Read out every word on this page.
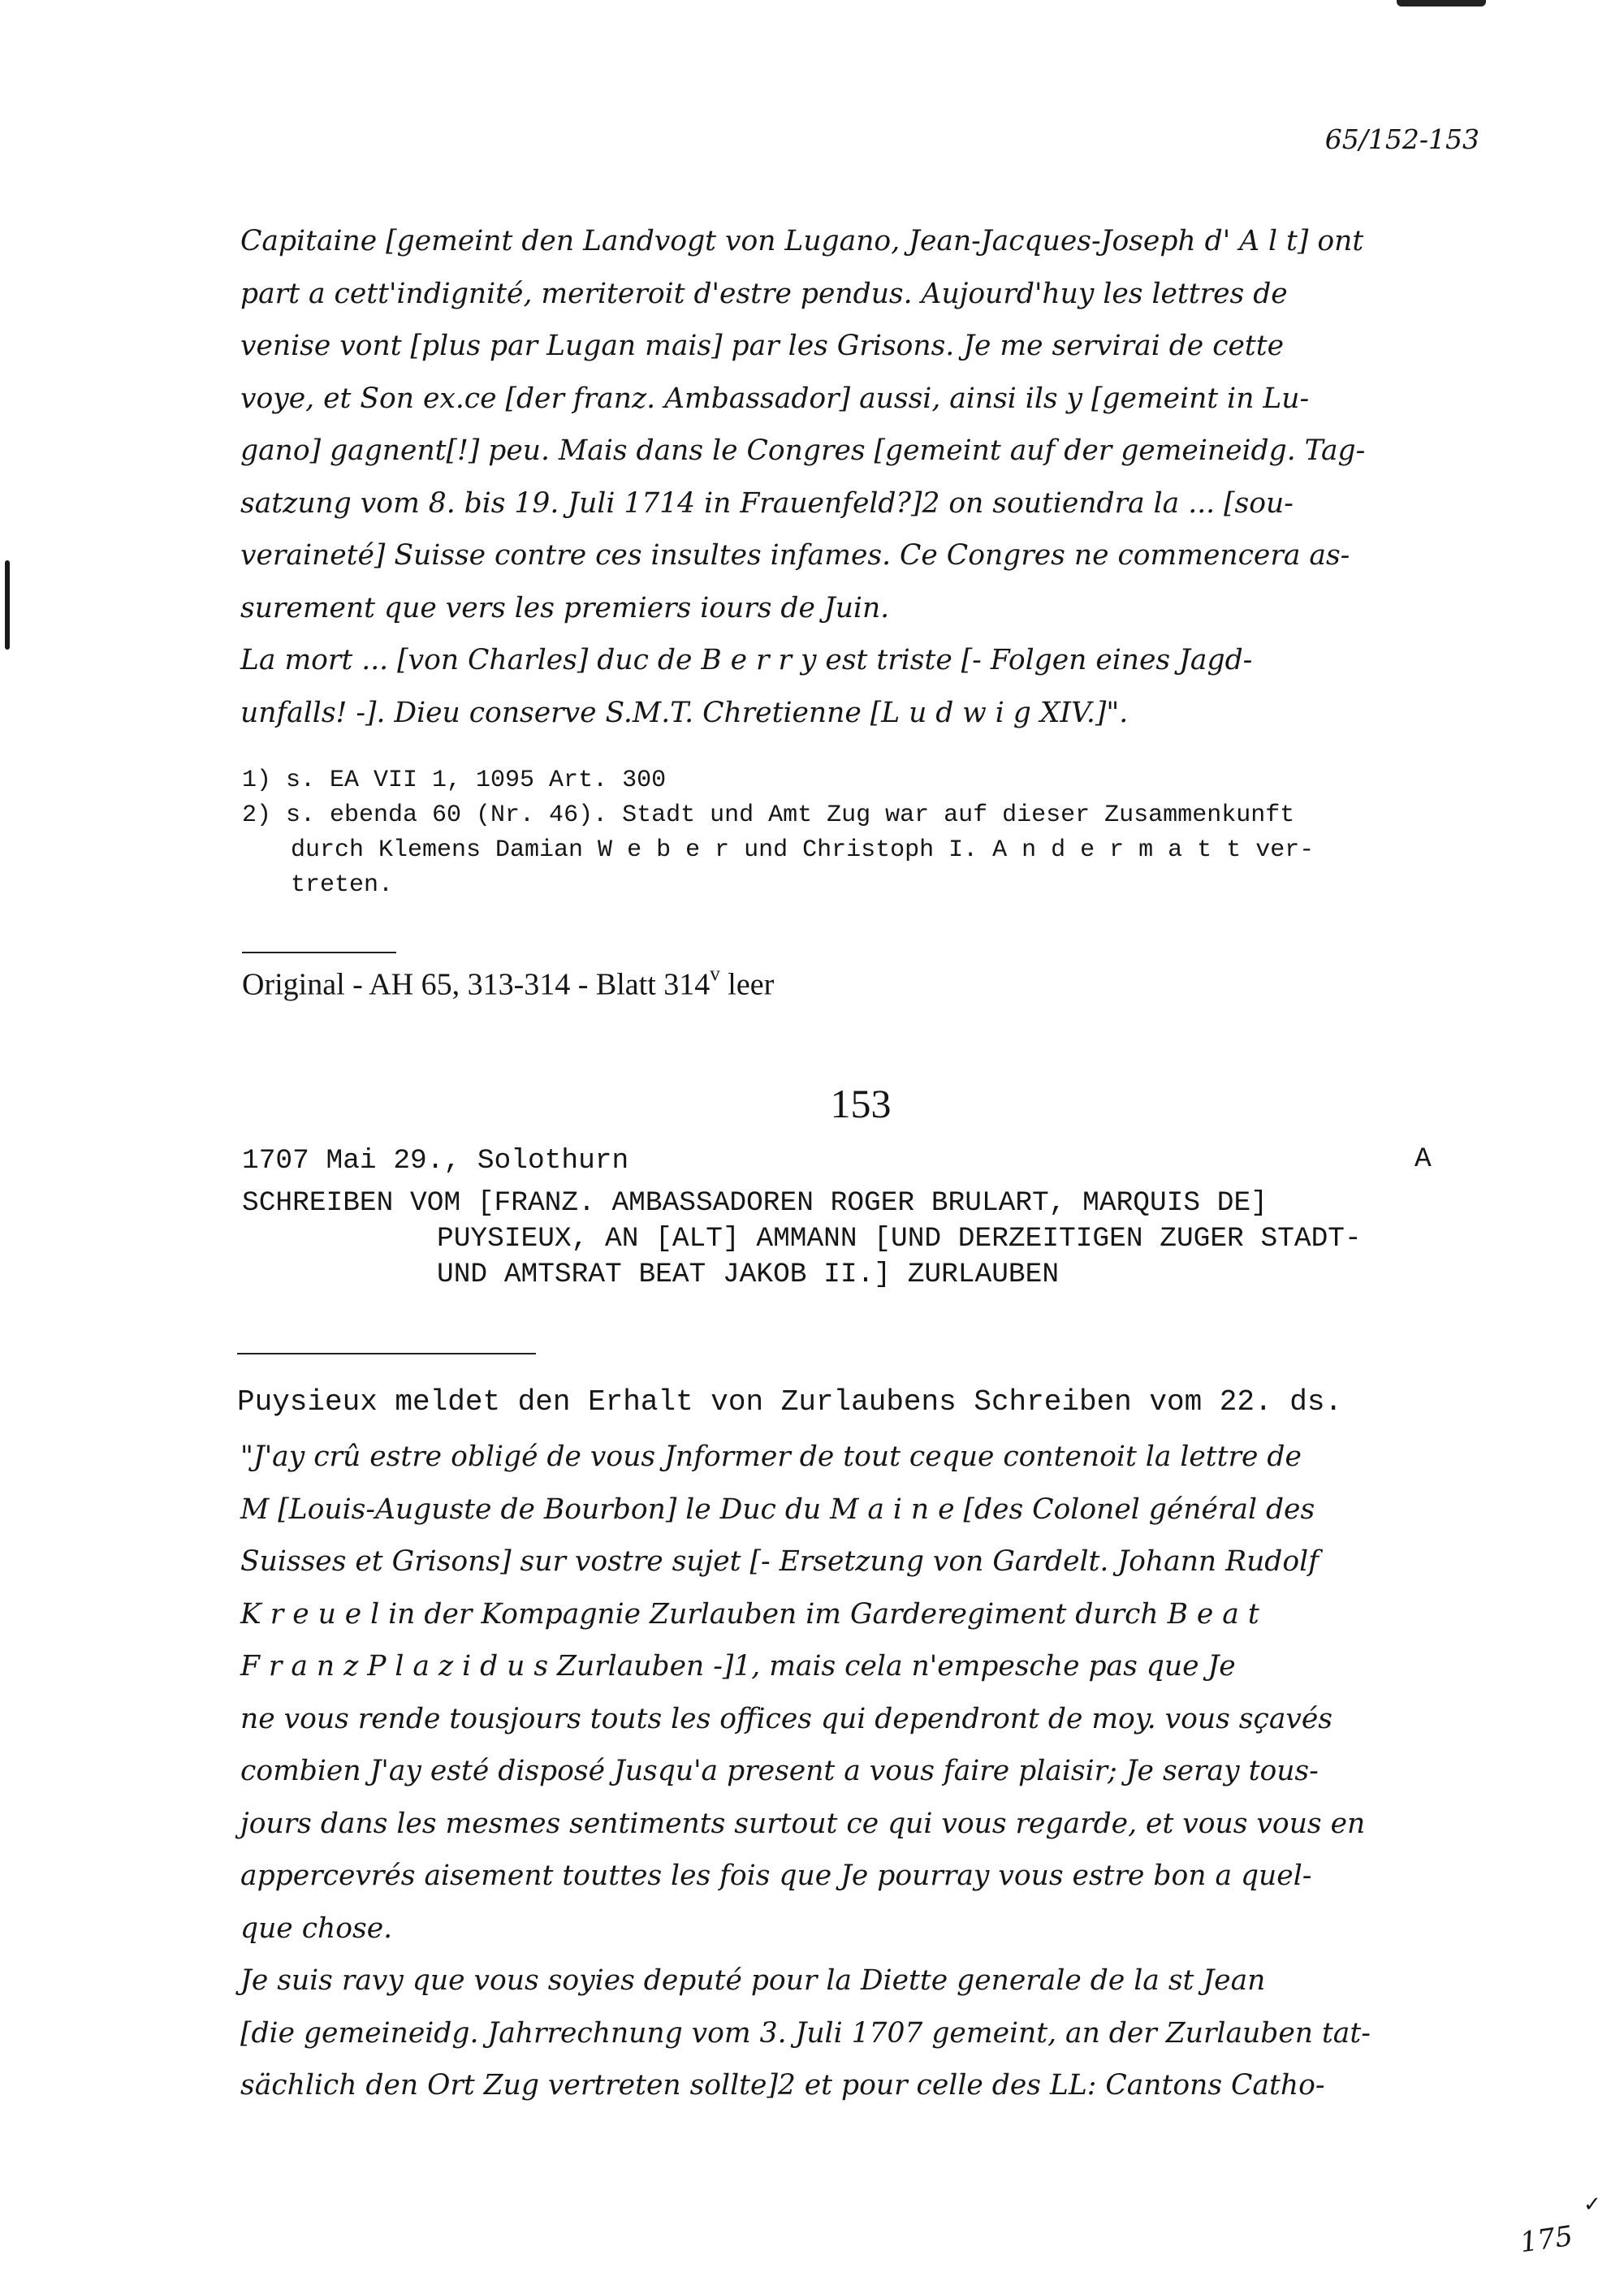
65/152-153
Capitaine [gemeint den Landvogt von Lugano, Jean-Jacques-Joseph d' A l t] ont
part a cett'indignité, meriteroit d'estre pendus. Aujourd'huy les lettres de
venise vont [plus par Lugan mais] par les Grisons. Je me servirai de cette
voye, et Son ex.ce [der franz. Ambassador] aussi, ainsi ils y [gemeint in Lu-
gano] gagnent[!] peu. Mais dans le Congres [gemeint auf der gemeineidg. Tag-
satzung vom 8. bis 19. Juli 1714 in Frauenfeld?]2 on soutiendra la ... [sou-
veraineté] Suisse contre ces insultes infames. Ce Congres ne commencera as-
surement que vers les premiers iours de Juin.
La mort ... [von Charles] duc de B e r r y est triste [- Folgen eines Jagd-
unfalls! -]. Dieu conserve S.M.T. Chretienne [L u d w i g XIV.]".
1) s. EA VII 1, 1095 Art. 300
2) s. ebenda 60 (Nr. 46). Stadt und Amt Zug war auf dieser Zusammenkunft
durch Klemens Damian W e b e r und Christoph I. A n d e r m a t t ver-
treten.
Original - AH 65, 313-314 - Blatt 314$^v$ leer
153
1707 Mai 29., Solothurn
SCHREIBEN VOM [FRANZ. AMBASSADOREN ROGER BRULART, MARQUIS DE]
PUYSIEUX, AN [ALT] AMMANN [UND DERZEITIGEN ZUGER STADT-
UND AMTSRAT BEAT JAKOB II.] ZURLAUBEN
A
Puysieux meldet den Erhalt von Zurlaubens Schreiben vom 22. ds.
"J'ay crû estre obligé de vous Jnformer de tout ceque contenoit la lettre de
M [Louis-Auguste de Bourbon] le Duc du M a i n e [des Colonel général des
Suisses et Grisons] sur vostre sujet [- Ersetzung von Gardelt. Johann Rudolf
K r e u e l in der Kompagnie Zurlauben im Garderegiment durch B e a t
F r a n z P l a z i d u s Zurlauben -]1, mais cela n'empesche pas que Je
ne vous rende tousjours touts les offices qui dependront de moy. vous sçavés
combien J'ay esté disposé Jusqu'a present a vous faire plaisir; Je seray tous-
jours dans les mesmes sentiments surtout ce qui vous regarde, et vous vous en
appercevrés aisement touttes les fois que Je pourray vous estre bon a quel-
que chose.
Je suis ravy que vous soyies deputé pour la Diette generale de la st Jean
[die gemeineidg. Jahrrechnung vom 3. Juli 1707 gemeint, an der Zurlauben tat-
sächlich den Ort Zug vertreten sollte]2 et pour celle des LL: Cantons Catho-
✓
175
